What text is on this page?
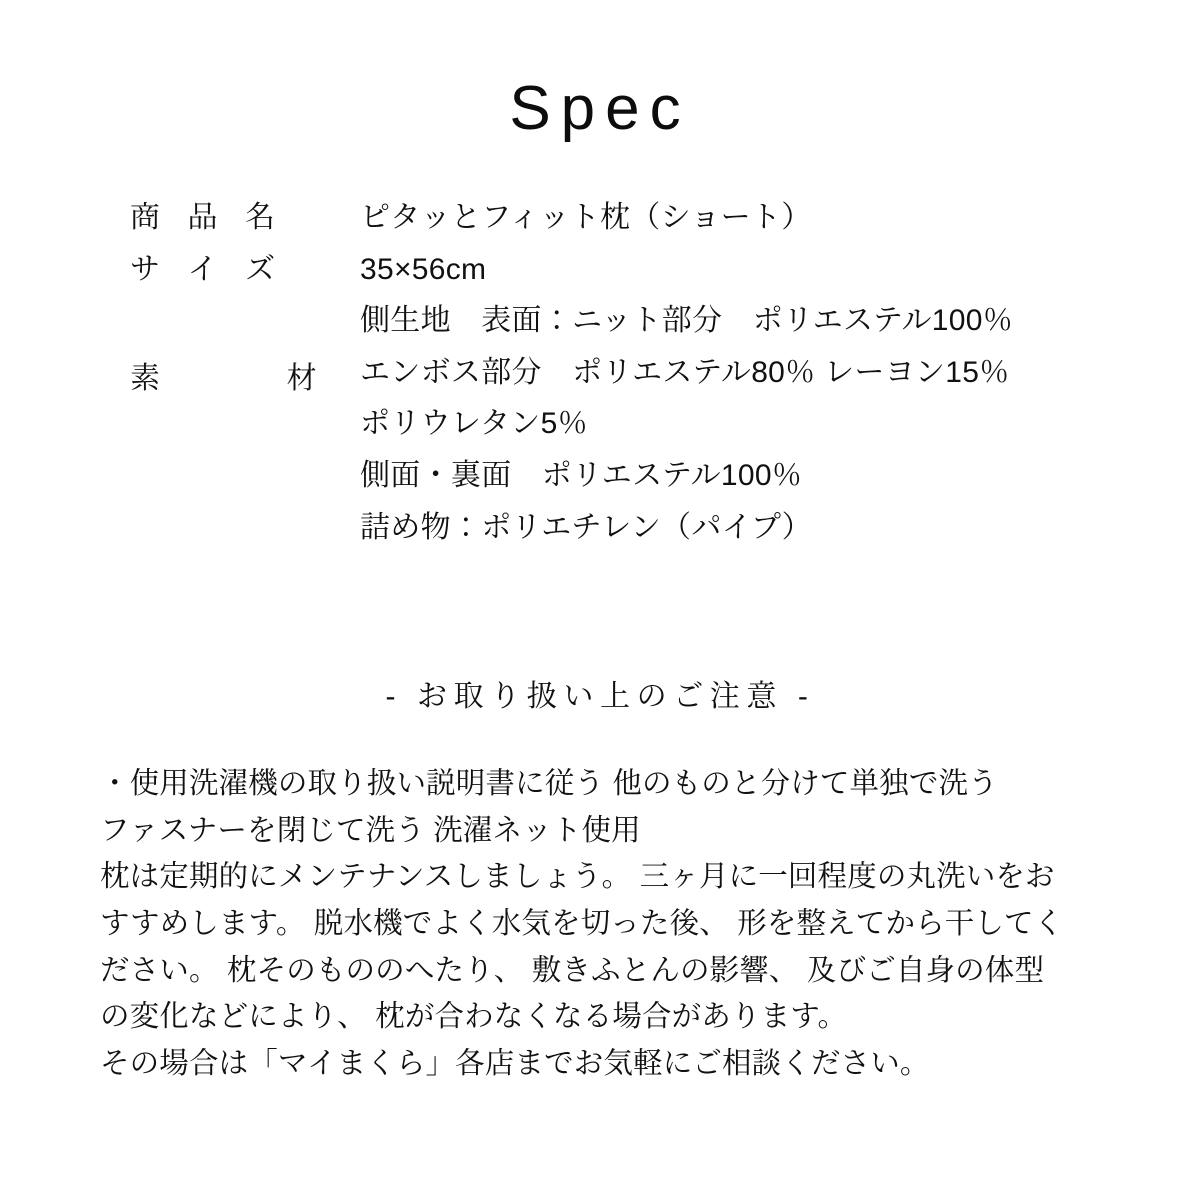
Spec
商 品 名	ピタッとフィット枕（ショート）
サ イ ズ	35×56cm
素　　材
側生地　表面：ニット部分　ポリエステル100％
エンボス部分　ポリエステル80％ レーヨン15％
ポリウレタン5％
側面・裏面　ポリエステル100％
詰め物：ポリエチレン（パイプ）
- お取り扱い上のご注意 -

・使用洗濯機の取り扱い説明書に従う 他のものと分けて単独で洗う

ファスナーを閉じて洗う 洗濯ネット使用

枕は定期的にメンテナンスしましょう。 三ヶ月に一回程度の丸洗いをお

すすめします。 脱水機でよく水気を切った後、 形を整えてから干してく

ださい。 枕そのもののへたり、 敷きふとんの影響、 及びご自身の体型

の変化などにより、 枕が合わなくなる場合があります。

その場合は「マイまくら」各店までお気軽にご相談ください。
